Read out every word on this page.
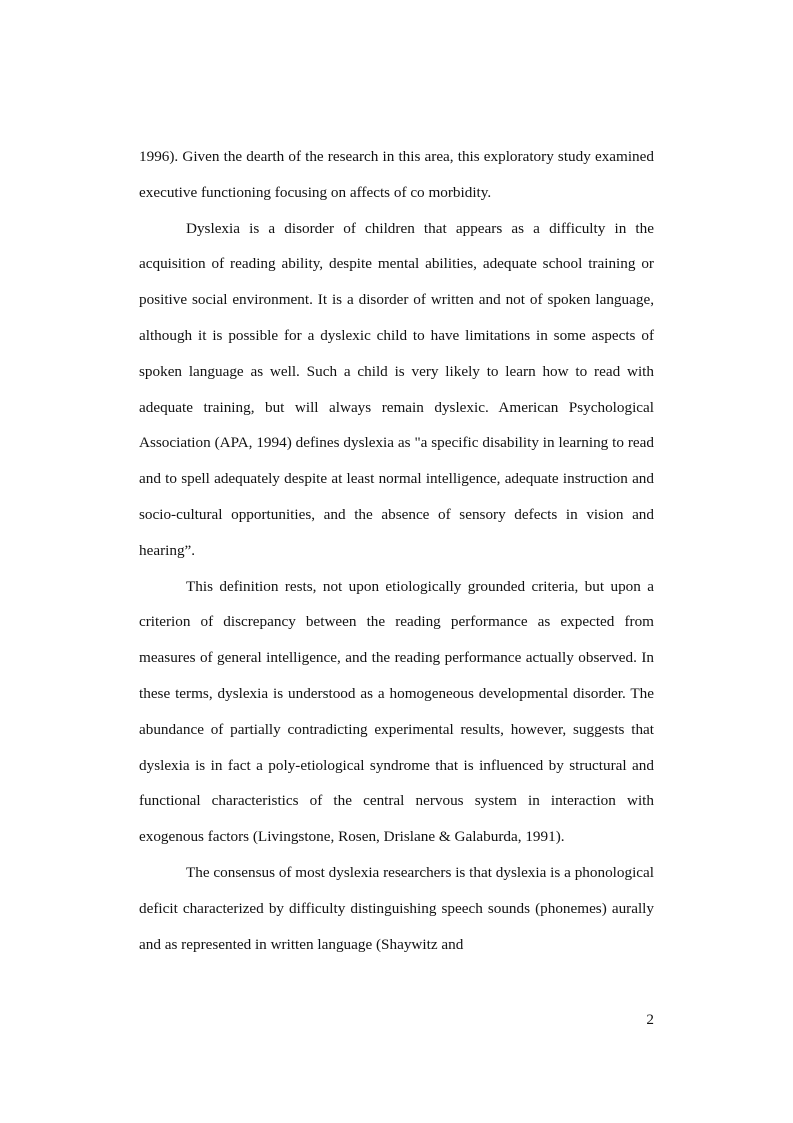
1996). Given the dearth of the research in this area, this exploratory study examined executive functioning focusing on affects of co morbidity.

Dyslexia is a disorder of children that appears as a difficulty in the acquisition of reading ability, despite mental abilities, adequate school training or positive social environment. It is a disorder of written and not of spoken language, although it is possible for a dyslexic child to have limitations in some aspects of spoken language as well. Such a child is very likely to learn how to read with adequate training, but will always remain dyslexic. American Psychological Association (APA, 1994) defines dyslexia as "a specific disability in learning to read and to spell adequately despite at least normal intelligence, adequate instruction and socio-cultural opportunities, and the absence of sensory defects in vision and hearing”.

This definition rests, not upon etiologically grounded criteria, but upon a criterion of discrepancy between the reading performance as expected from measures of general intelligence, and the reading performance actually observed. In these terms, dyslexia is understood as a homogeneous developmental disorder. The abundance of partially contradicting experimental results, however, suggests that dyslexia is in fact a poly-etiological syndrome that is influenced by structural and functional characteristics of the central nervous system in interaction with exogenous factors (Livingstone, Rosen, Drislane & Galaburda, 1991).

The consensus of most dyslexia researchers is that dyslexia is a phonological deficit characterized by difficulty distinguishing speech sounds (phonemes) aurally and as represented in written language (Shaywitz and

2
